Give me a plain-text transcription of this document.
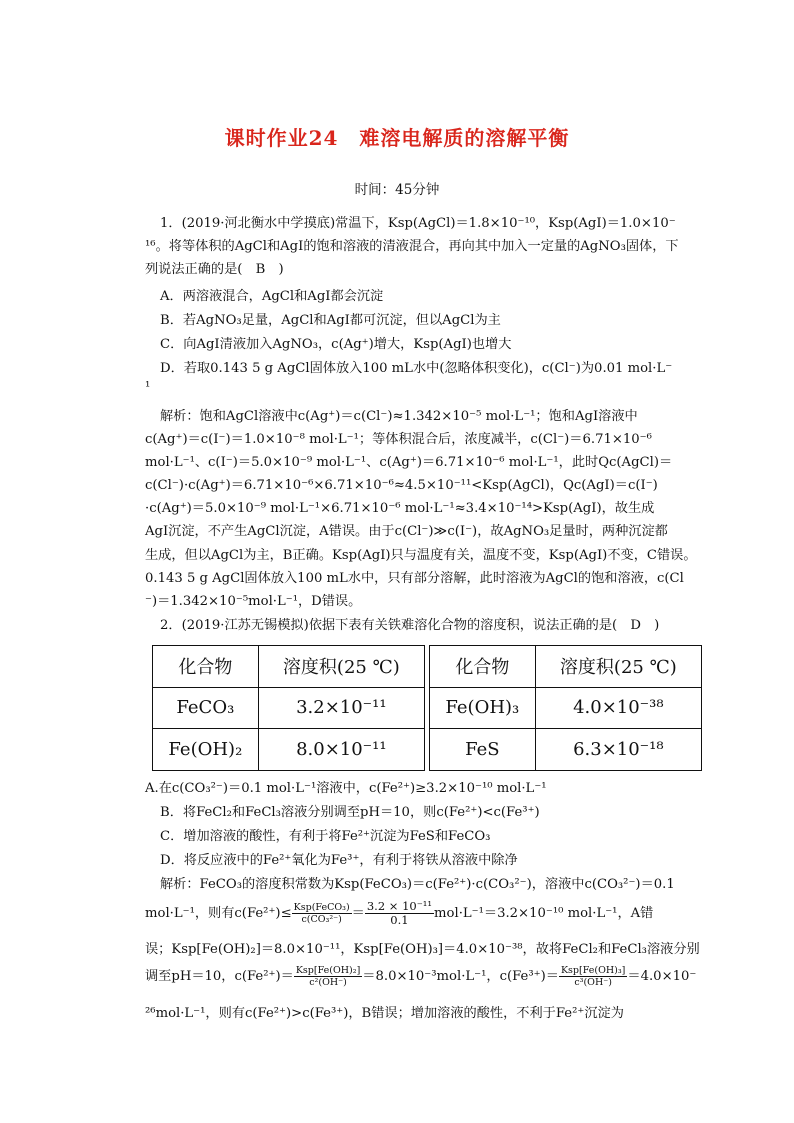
课时作业24　难溶电解质的溶解平衡
时间：45分钟
1．(2019·河北衡水中学摸底)常温下，Ksp(AgCl)＝1.8×10⁻¹⁰，Ksp(AgI)＝1.0×10⁻
¹⁶。将等体积的AgCl和AgI的饱和溶液的清液混合，再向其中加入一定量的AgNO₃固体，下
列说法正确的是(　B　)
A．两溶液混合，AgCl和AgI都会沉淀
B．若AgNO₃足量，AgCl和AgI都可沉淀，但以AgCl为主
C．向AgI清液加入AgNO₃，c(Ag⁺)增大，Ksp(AgI)也增大
D．若取0.143 5 g AgCl固体放入100 mL水中(忽略体积变化)，c(Cl⁻)为0.01 mol·L⁻
¹
解析：饱和AgCl溶液中c(Ag⁺)＝c(Cl⁻)≈1.342×10⁻⁵ mol·L⁻¹；饱和AgI溶液中
c(Ag⁺)＝c(I⁻)＝1.0×10⁻⁸ mol·L⁻¹；等体积混合后，浓度减半，c(Cl⁻)＝6.71×10⁻⁶
mol·L⁻¹、c(I⁻)＝5.0×10⁻⁹ mol·L⁻¹、c(Ag⁺)＝6.71×10⁻⁶ mol·L⁻¹，此时Qc(AgCl)＝
c(Cl⁻)·c(Ag⁺)＝6.71×10⁻⁶×6.71×10⁻⁶≈4.5×10⁻¹¹<Ksp(AgCl)，Qc(AgI)＝c(I⁻)
·c(Ag⁺)＝5.0×10⁻⁹ mol·L⁻¹×6.71×10⁻⁶ mol·L⁻¹≈3.4×10⁻¹⁴>Ksp(AgI)，故生成
AgI沉淀，不产生AgCl沉淀，A错误。由于c(Cl⁻)≫c(I⁻)，故AgNO₃足量时，两种沉淀都
生成，但以AgCl为主，B正确。Ksp(AgI)只与温度有关，温度不变，Ksp(AgI)不变，C错误。
0.143 5 g AgCl固体放入100 mL水中，只有部分溶解，此时溶液为AgCl的饱和溶液，c(Cl
⁻)＝1.342×10⁻⁵mol·L⁻¹，D错误。
2．(2019·江苏无锡模拟)依据下表有关铁难溶化合物的溶度积，说法正确的是(　D　)
化合物	溶度积(25 ℃)		化合物	溶度积(25 ℃)
FeCO₃	3.2×10⁻¹¹		Fe(OH)₃	4.0×10⁻³⁸
Fe(OH)₂	8.0×10⁻¹¹		FeS	6.3×10⁻¹⁸
A.在c(CO₃²⁻)＝0.1 mol·L⁻¹溶液中，c(Fe²⁺)≥3.2×10⁻¹⁰ mol·L⁻¹
B．将FeCl₂和FeCl₃溶液分别调至pH＝10，则c(Fe²⁺)<c(Fe³⁺)
C．增加溶液的酸性，有利于将Fe²⁺沉淀为FeS和FeCO₃
D．将反应液中的Fe²⁺氧化为Fe³⁺，有利于将铁从溶液中除净
解析：FeCO₃的溶度积常数为Ksp(FeCO₃)＝c(Fe²⁺)·c(CO₃²⁻)，溶液中c(CO₃²⁻)＝0.1
mol·L⁻¹，则有$c(Fe^{2+})\le \frac{\text{Ksp(FeCO₃)}}{\text{c(CO₃²⁻)}} = \frac{\text{3.2 × 10⁻¹¹}}{0.1} mol\cdot L^{-1}=3.2\times 10^{-10}$ mol·L⁻¹，A错
误；Ksp[Fe(OH)₂]＝8.0×10⁻¹¹，Ksp[Fe(OH)₃]＝4.0×10⁻³⁸，故将FeCl₂和FeCl₃溶液分别
调至pH＝10，$c(Fe^{2+})= \frac{\text{Ksp[Fe(OH)₂]}}{\text{c²(OH⁻)}} =8.0\times 10^{-3}mol\cdot L^{-1}$，$c(Fe^{3+})= \frac{\text{Ksp[Fe(OH)₃]}}{\text{c³(OH⁻)}} =4.0\times 10^-$
²⁶mol·L⁻¹，则有c(Fe²⁺)>c(Fe³⁺)，B错误；增加溶液的酸性，不利于Fe²⁺沉淀为
